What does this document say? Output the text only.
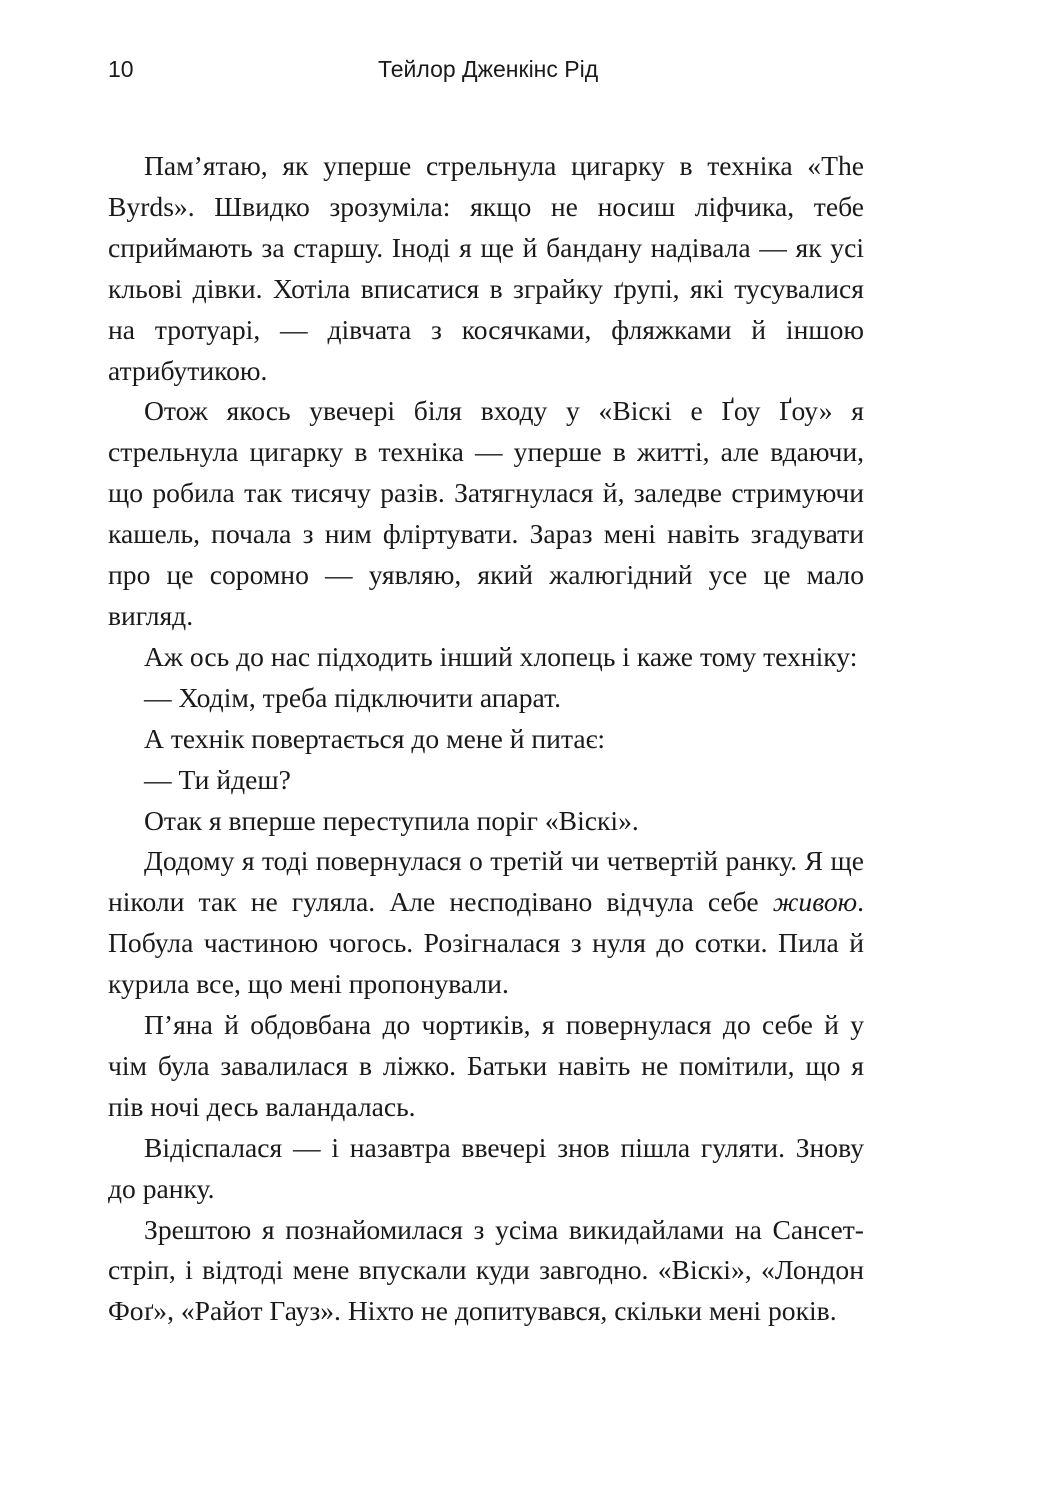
10	Тейлор Дженкінс Рід

Пам’ятаю, як уперше стрельнула цигарку в техніка «The Byrds». Швидко зрозуміла: якщо не носиш ліфчика, тебе сприймають за старшу. Іноді я ще й бандану надівала — як усі кльові дівки. Хотіла вписатися в зграйку ґрупі, які тусувалися на тротуарі, — дівчата з косячками, фляжками й іншою атрибутикою.

Отож якось увечері біля входу у «Віскі е Ґоу Ґоу» я стрельнула цигарку в техніка — уперше в житті, але вдаючи, що робила так тисячу разів. Затягнулася й, заледве стримуючи кашель, почала з ним фліртувати. Зараз мені навіть згадувати про це соромно — уявляю, який жалюгідний усе це мало вигляд.

Аж ось до нас підходить інший хлопець і каже тому техніку:

— Ходім, треба підключити апарат.

А технік повертається до мене й питає:

— Ти йдеш?

Отак я вперше переступила поріг «Віскі».

Додому я тоді повернулася о третій чи четвертій ранку. Я ще ніколи так не гуляла. Але несподівано відчула себе живою. Побула частиною чогось. Розігналася з нуля до сотки. Пила й курила все, що мені пропонували.

П’яна й обдовбана до чортиків, я повернулася до себе й у чім була завалилася в ліжко. Батьки навіть не помітили, що я пів ночі десь валандалась.

Відіспалася — і назавтра ввечері знов пішла гуляти. Знову до ранку.

Зрештою я познайомилася з усіма викидайлами на Сансет-стріп, і відтоді мене впускали куди завгодно. «Віскі», «Лондон Фоґ», «Райот Гауз». Ніхто не допитувався, скільки мені років.
